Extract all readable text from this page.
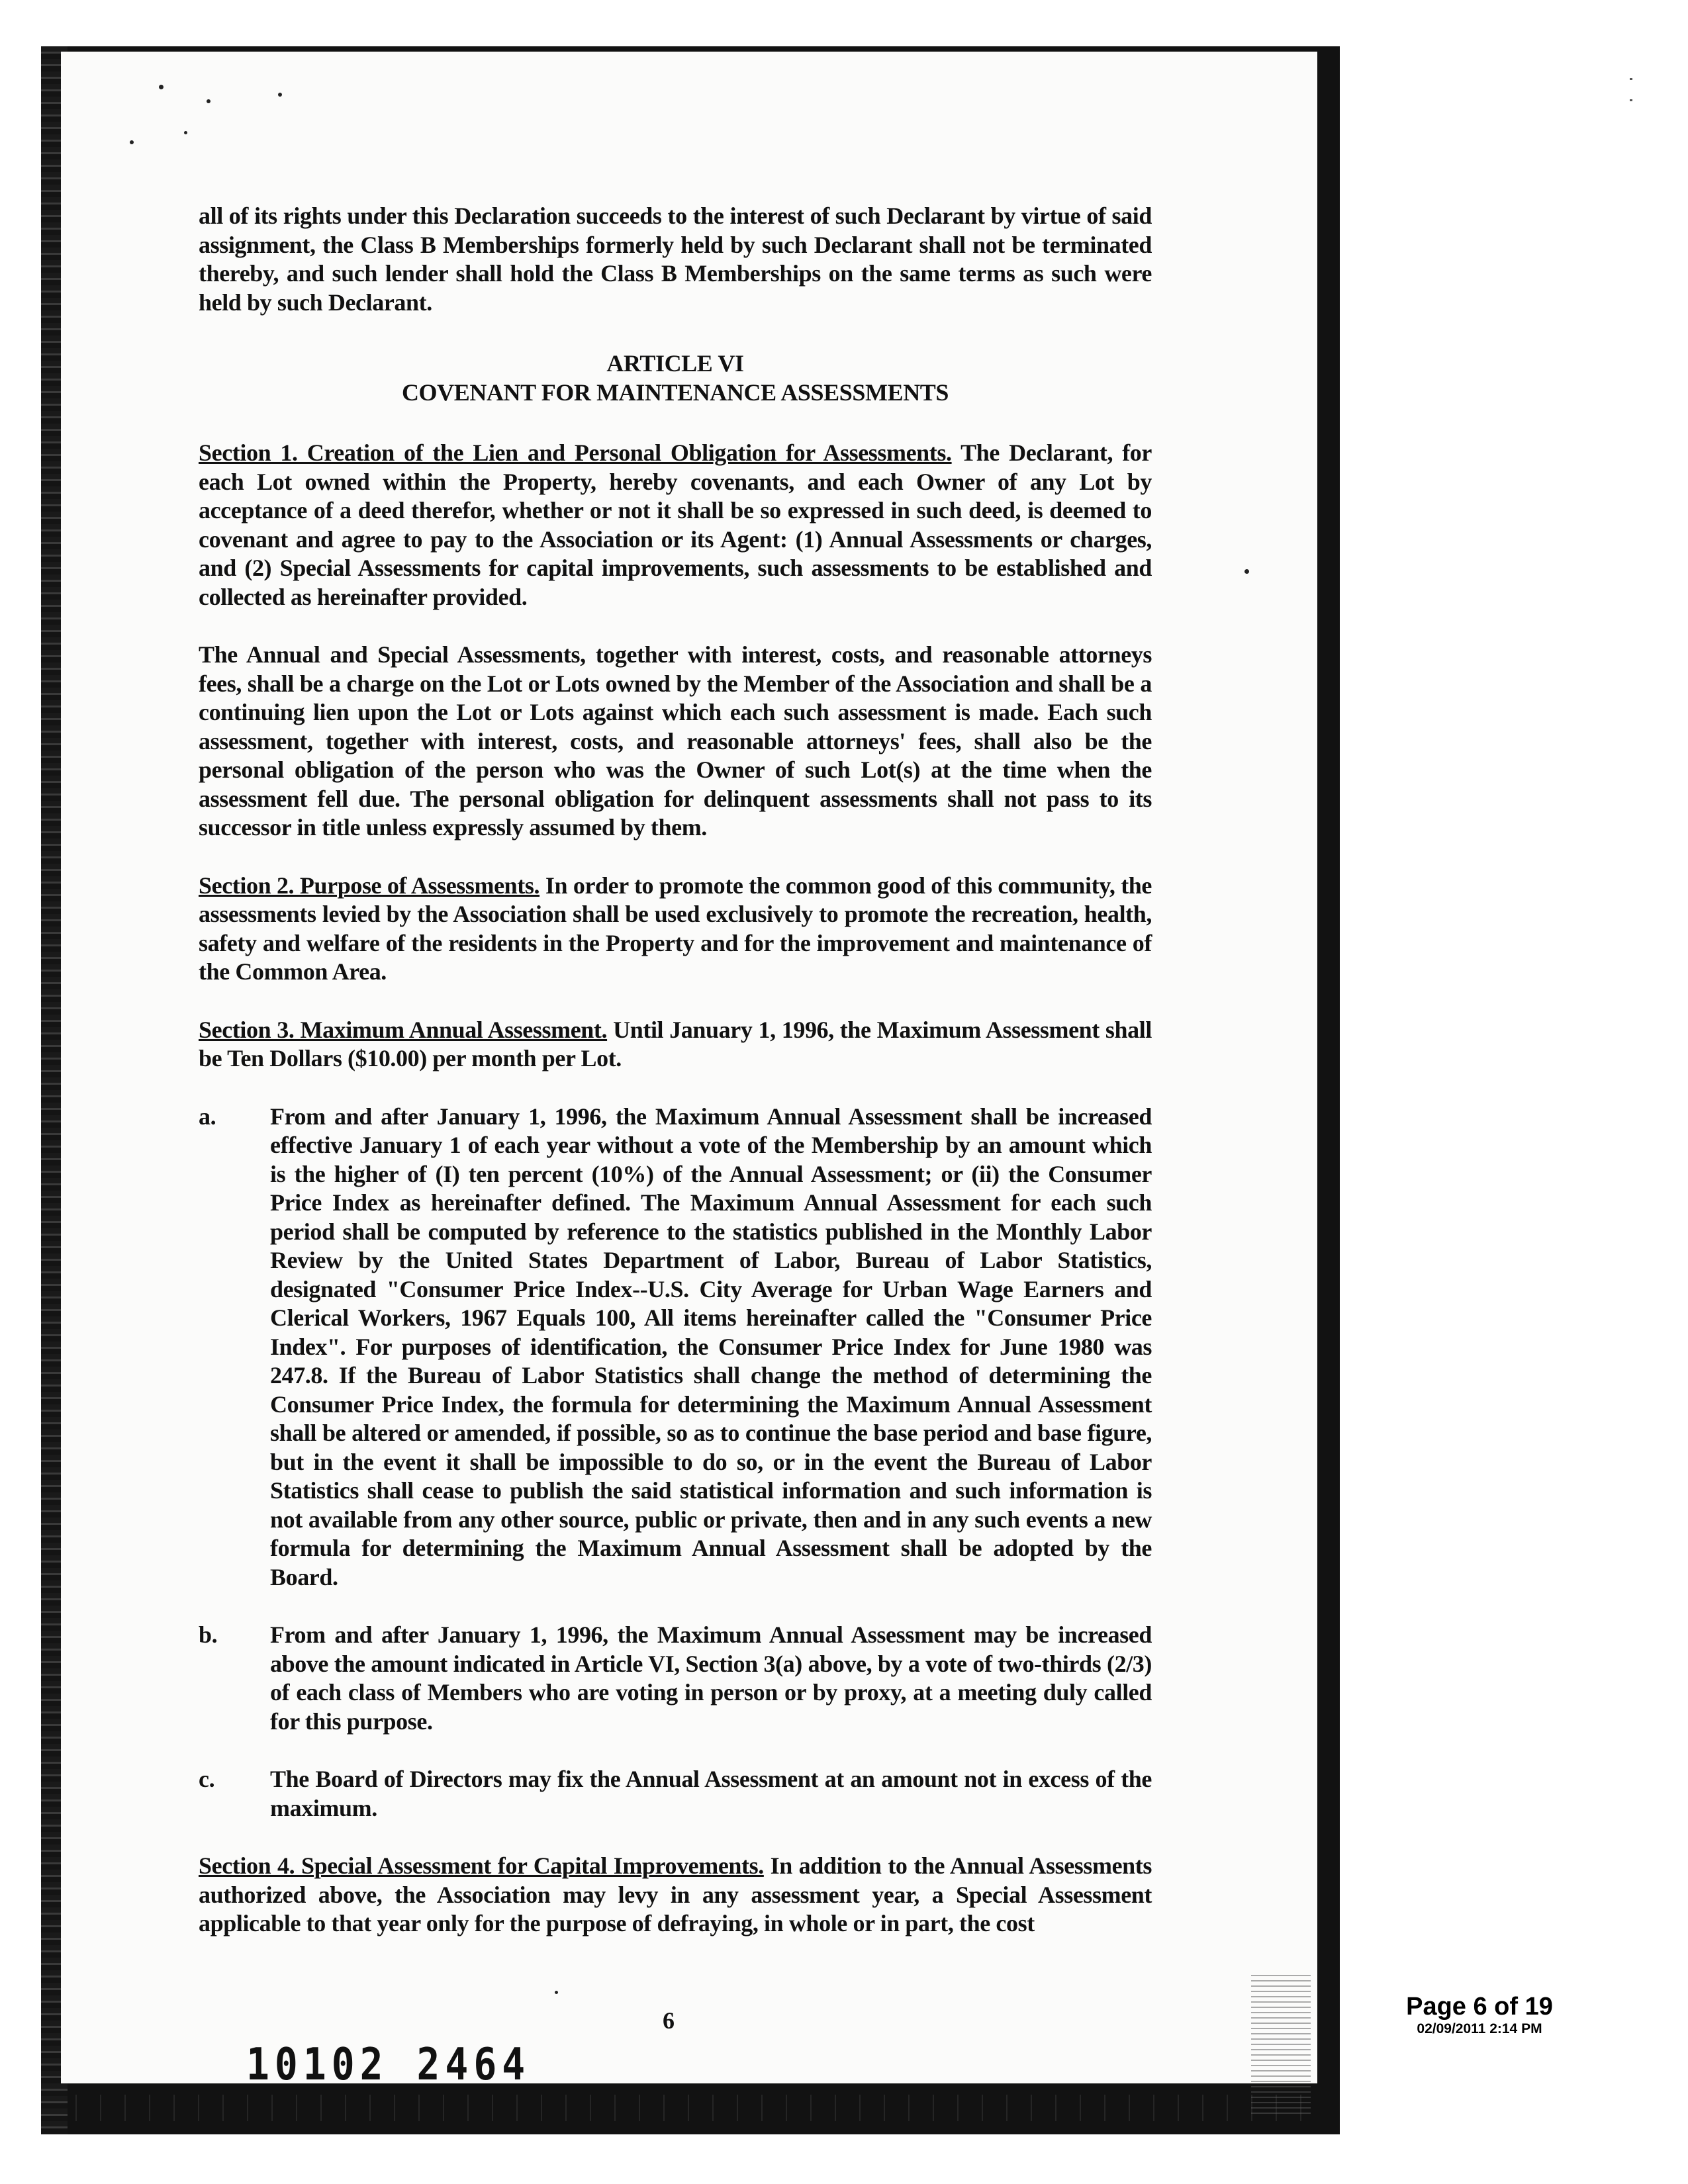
all of its rights under this Declaration succeeds to the interest of such Declarant by virtue of said assignment, the Class B Memberships formerly held by such Declarant shall not be terminated thereby, and such lender shall hold the Class B Memberships on the same terms as such were held by such Declarant.

ARTICLE VI

COVENANT FOR MAINTENANCE ASSESSMENTS

Section 1. Creation of the Lien and Personal Obligation for Assessments. The Declarant, for each Lot owned within the Property, hereby covenants, and each Owner of any Lot by acceptance of a deed therefor, whether or not it shall be so expressed in such deed, is deemed to covenant and agree to pay to the Association or its Agent: (1) Annual Assessments or charges, and (2) Special Assessments for capital improvements, such assessments to be established and collected as hereinafter provided.

The Annual and Special Assessments, together with interest, costs, and reasonable attorneys fees, shall be a charge on the Lot or Lots owned by the Member of the Association and shall be a continuing lien upon the Lot or Lots against which each such assessment is made. Each such assessment, together with interest, costs, and reasonable attorneys' fees, shall also be the personal obligation of the person who was the Owner of such Lot(s) at the time when the assessment fell due. The personal obligation for delinquent assessments shall not pass to its successor in title unless expressly assumed by them.

Section 2. Purpose of Assessments. In order to promote the common good of this community, the assessments levied by the Association shall be used exclusively to promote the recreation, health, safety and welfare of the residents in the Property and for the improvement and maintenance of the Common Area.

Section 3. Maximum Annual Assessment. Until January 1, 1996, the Maximum Assessment shall be Ten Dollars ($10.00) per month per Lot.

a.	From and after January 1, 1996, the Maximum Annual Assessment shall be increased effective January 1 of each year without a vote of the Membership by an amount which is the higher of (I) ten percent (10%) of the Annual Assessment; or (ii) the Consumer Price Index as hereinafter defined. The Maximum Annual Assessment for each such period shall be computed by reference to the statistics published in the Monthly Labor Review by the United States Department of Labor, Bureau of Labor Statistics, designated "Consumer Price Index--U.S. City Average for Urban Wage Earners and Clerical Workers, 1967 Equals 100, All items hereinafter called the "Consumer Price Index". For purposes of identification, the Consumer Price Index for June 1980 was 247.8. If the Bureau of Labor Statistics shall change the method of determining the Consumer Price Index, the formula for determining the Maximum Annual Assessment shall be altered or amended, if possible, so as to continue the base period and base figure, but in the event it shall be impossible to do so, or in the event the Bureau of Labor Statistics shall cease to publish the said statistical information and such information is not available from any other source, public or private, then and in any such events a new formula for determining the Maximum Annual Assessment shall be adopted by the Board.
b.	From and after January 1, 1996, the Maximum Annual Assessment may be increased above the amount indicated in Article VI, Section 3(a) above, by a vote of two-thirds (2/3) of each class of Members who are voting in person or by proxy, at a meeting duly called for this purpose.
c.	The Board of Directors may fix the Annual Assessment at an amount not in excess of the maximum.

Section 4. Special Assessment for Capital Improvements. In addition to the Annual Assessments authorized above, the Association may levy in any assessment year, a Special Assessment applicable to that year only for the purpose of defraying, in whole or in part, the cost

6
10102 2464
Page 6 of 19
02/09/2011 2:14 PM
